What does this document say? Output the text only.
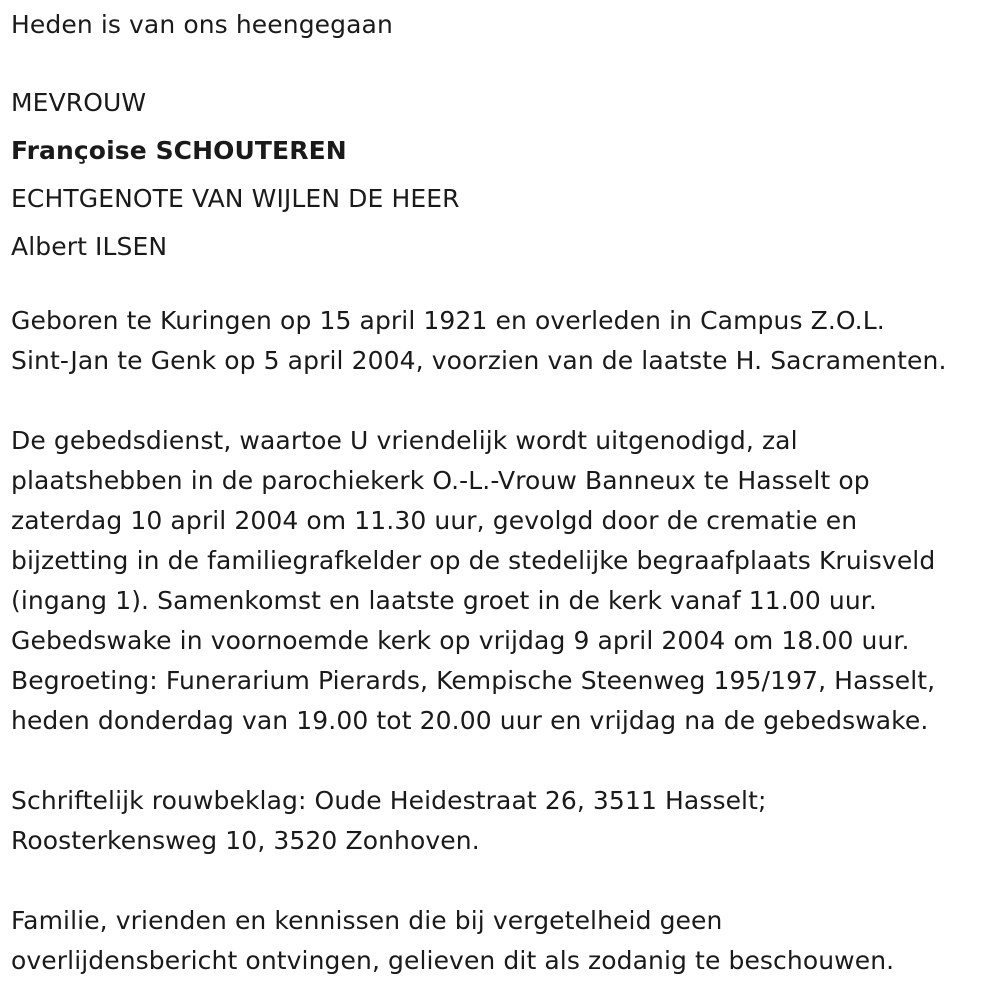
Heden is van ons heengegaan
MEVROUW
Françoise SCHOUTEREN
ECHTGENOTE VAN WIJLEN DE HEER
Albert ILSEN
Geboren te Kuringen op 15 april 1921 en overleden in Campus Z.O.L.
Sint-Jan te Genk op 5 april 2004, voorzien van de laatste H. Sacramenten.
De gebedsdienst, waartoe U vriendelijk wordt uitgenodigd, zal
plaatshebben in de parochiekerk O.-L.-Vrouw Banneux te Hasselt op
zaterdag 10 april 2004 om 11.30 uur, gevolgd door de crematie en
bijzetting in de familiegrafkelder op de stedelijke begraafplaats Kruisveld
(ingang 1). Samenkomst en laatste groet in de kerk vanaf 11.00 uur.
Gebedswake in voornoemde kerk op vrijdag 9 april 2004 om 18.00 uur.
Begroeting: Funerarium Pierards, Kempische Steenweg 195/197, Hasselt,
heden donderdag van 19.00 tot 20.00 uur en vrijdag na de gebedswake.
Schriftelijk rouwbeklag: Oude Heidestraat 26, 3511 Hasselt;
Roosterkensweg 10, 3520 Zonhoven.
Familie, vrienden en kennissen die bij vergetelheid geen
overlijdensbericht ontvingen, gelieven dit als zodanig te beschouwen.
